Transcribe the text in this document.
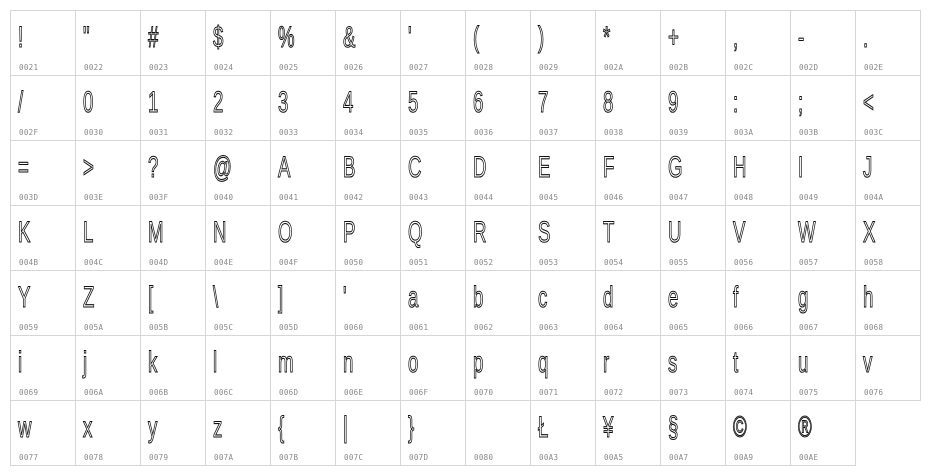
!
0021
"
0022
#
0023
$
0024
%
0025
&
0026
'
0027
(
0028
)
0029
*
002A
+
002B
,
002C
-
002D
.
002E
/
002F
0
0030
1
0031
2
0032
3
0033
4
0034
5
0035
6
0036
7
0037
8
0038
9
0039
:
003A
;
003B
<
003C
=
003D
>
003E
?
003F
@
0040
A
0041
B
0042
C
0043
D
0044
E
0045
F
0046
G
0047
H
0048
I
0049
J
004A
K
004B
L
004C
M
004D
N
004E
O
004F
P
0050
Q
0051
R
0052
S
0053
T
0054
U
0055
V
0056
W
0057
X
0058
Y
0059
Z
005A
[
005B
\
005C
]
005D
'
0060
a
0061
b
0062
c
0063
d
0064
e
0065
f
0066
g
0067
h
0068
i
0069
j
006A
k
006B
l
006C
m
006D
n
006E
o
006F
p
0070
q
0071
r
0072
s
0073
t
0074
u
0075
v
0076
w
0077
x
0078
y
0079
z
007A
{
007B
|
007C
}
007D	0080
Ł
00A3
¥
00A5
§
00A7
©
00A9
®
00AE
